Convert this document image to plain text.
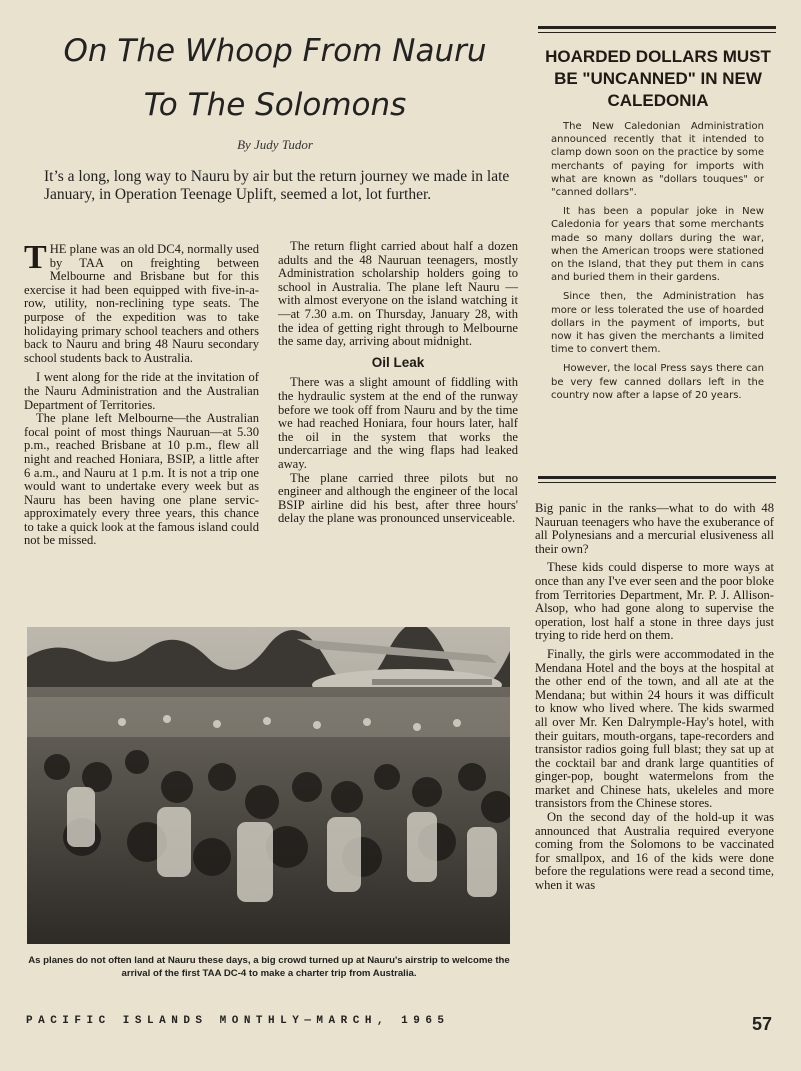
On The Whoop From Nauru
To The Solomons
By Judy Tudor
It’s a long, long way to Nauru by air but the return journey we made in late January, in Operation Teenage Uplift, seemed a lot, lot further.

THE plane was an old DC4, normally used by TAA on freighting between Melbourne and Brisbane but for this exercise it had been equipped with five-in-a-row, utility, non-reclining type seats. The purpose of the expedition was to take holidaying primary school teachers and others back to Nauru and bring 48 Nauru secondary school students back to Australia.

I went along for the ride at the invitation of the Nauru Administration and the Australian Department of Territories.

The plane left Melbourne—the Australian focal point of most things Nauruan—at 5.30 p.m., reached Brisbane at 10 p.m., flew all night and reached Honiara, BSIP, a little after 6 a.m., and Nauru at 1 p.m. It is not a trip one would want to undertake every week but as Nauru has been having one plane servic- approximately every three years, this chance to take a quick look at the famous island could not be missed.

The return flight carried about half a dozen adults and the 48 Nauruan teenagers, mostly Administration scholarship holders going to school in Australia. The plane left Nauru —with almost everyone on the island watching it—at 7.30 a.m. on Thursday, January 28, with the idea of getting right through to Melbourne the same day, arriving about midnight.

Oil Leak

There was a slight amount of fiddling with the hydraulic system at the end of the runway before we took off from Nauru and by the time we had reached Honiara, four hours later, half the oil in the system that works the undercarriage and the wing flaps had leaked away.

The plane carried three pilots but no engineer and although the engineer of the local BSIP airline did his best, after three hours' delay the plane was pronounced unserviceable.

As planes do not often land at Nauru these days, a big crowd turned up at Nauru's airstrip to welcome the arrival of the first TAA DC-4 to make a charter trip from Australia.
HOARDED DOLLARS MUST BE "UNCANNED" IN NEW CALEDONIA

The New Caledonian Administration announced recently that it intended to clamp down soon on the practice by some merchants of paying for imports with what are known as "dollars touques" or "canned dollars".

It has been a popular joke in New Caledonia for years that some merchants made so many dollars during the war, when the American troops were stationed on the Island, that they put them in cans and buried them in their gardens.

Since then, the Administration has more or less tolerated the use of hoarded dollars in the payment of imports, but now it has given the merchants a limited time to convert them.

However, the local Press says there can be very few canned dollars left in the country now after a lapse of 20 years.

Big panic in the ranks—what to do with 48 Nauruan teenagers who have the exuberance of all Polynesians and a mercurial elusiveness all their own?

These kids could disperse to more ways at once than any I've ever seen and the poor bloke from Territories Department, Mr. P. J. Allison-Alsop, who had gone along to supervise the operation, lost half a stone in three days just trying to ride herd on them.

Finally, the girls were accommodated in the Mendana Hotel and the boys at the hospital at the other end of the town, and all ate at the Mendana; but within 24 hours it was difficult to know who lived where. The kids swarmed all over Mr. Ken Dalrymple-Hay's hotel, with their guitars, mouth-organs, tape-recorders and transistor radios going full blast; they sat up at the cocktail bar and drank large quantities of ginger-pop, bought watermelons from the market and Chinese hats, ukeleles and more transistors from the Chinese stores.

On the second day of the hold-up it was announced that Australia required everyone coming from the Solomons to be vaccinated for smallpox, and 16 of the kids were done before the regulations were read a second time, when it was

PACIFIC ISLANDS MONTHLY—MARCH, 1965	57
